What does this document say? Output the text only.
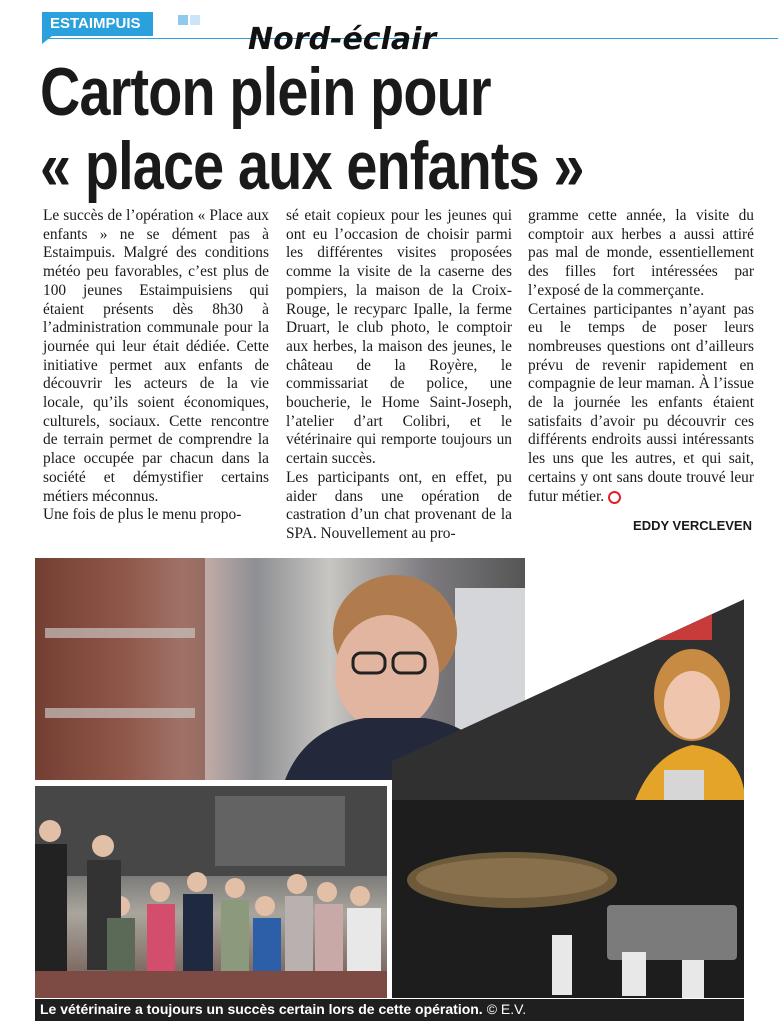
ESTAIMPUIS	Nord-éclair
Carton plein pour
« place aux enfants »

Le succès de l’opération « Place aux enfants » ne se dément pas à Estaimpuis. Malgré des conditions météo peu favorables, c’est plus de 100 jeunes Estaimpuisiens qui étaient présents dès 8h30 à l’administration communale pour la journée qui leur était dédiée. Cette initiative permet aux enfants de découvrir les acteurs de la vie locale, qu’ils soient économiques, culturels, sociaux. Cette rencontre de terrain permet de comprendre la place occupée par chacun dans la société et démystifier certains métiers méconnus.

Une fois de plus le menu propo-

sé etait copieux pour les jeunes qui ont eu l’occasion de choisir parmi les différentes visites proposées comme la visite de la caserne des pompiers, la maison de la Croix-Rouge, le recyparc Ipalle, la ferme Druart, le club photo, le comptoir aux herbes, la maison des jeunes, le château de la Royère, le commissariat de police, une boucherie, le Home Saint-Joseph, l’atelier d’art Colibri, et le vétérinaire qui remporte toujours un certain succès.

Les participants ont, en effet, pu aider dans une opération de castration d’un chat provenant de la SPA. Nouvellement au pro-

gramme cette année, la visite du comptoir aux herbes a aussi attiré pas mal de monde, essentiellement des filles fort intéressées par l’exposé de la commerçante.

Certaines participantes n’ayant pas eu le temps de poser leurs nombreuses questions ont d’ailleurs prévu de revenir rapidement en compagnie de leur maman. À l’issue de la journée les enfants étaient satisfaits d’avoir pu découvrir ces différents endroits aussi intéressants les uns que les autres, et qui sait, certains y ont sans doute trouvé leur futur métier.

EDDY VERCLEVEN
Le vétérinaire a toujours un succès certain lors de cette opération. © E.V.
